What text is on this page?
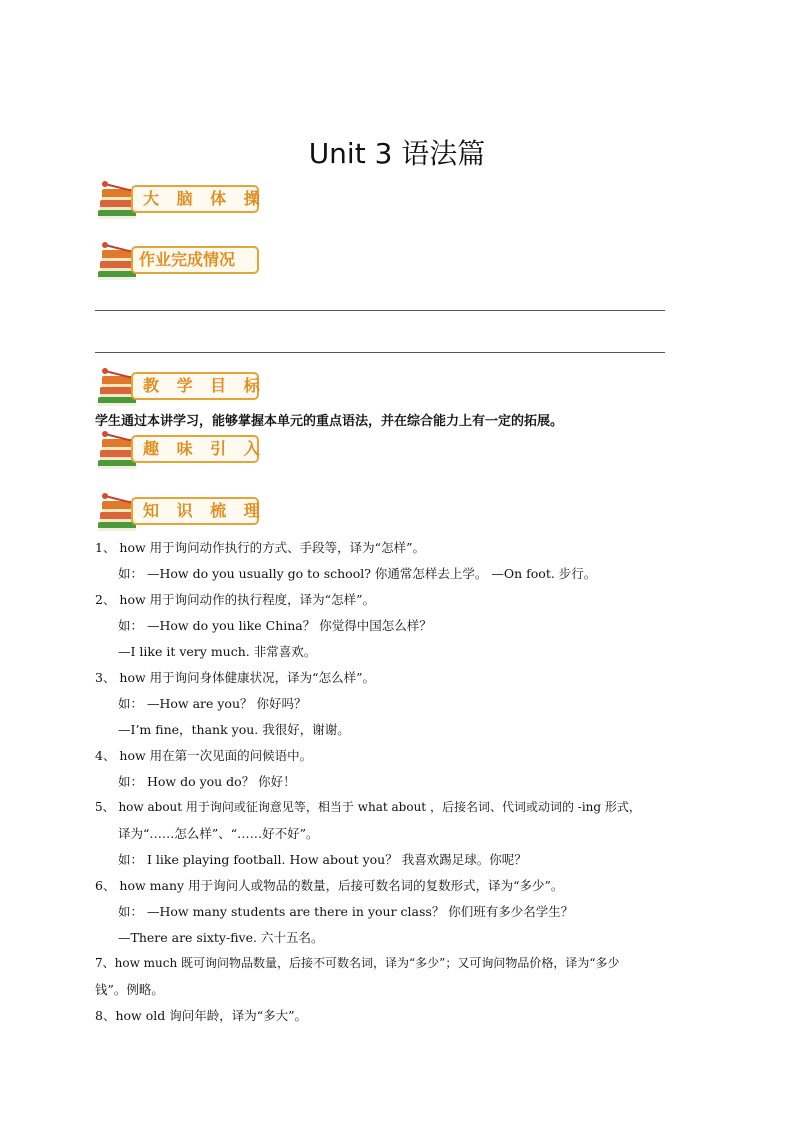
Unit 3 语法篇
大 脑 体 操
作业完成情况
教 学 目 标
学生通过本讲学习，能够掌握本单元的重点语法，并在综合能力上有一定的拓展。
趣 味 引 入
知 识 梳 理
1、 how 用于询问动作执行的方式、手段等，译为“怎样”。
如： —How do you usually go to school? 你通常怎样去上学。 —On foot. 步行。
2、 how 用于询问动作的执行程度，译为“怎样”。
如： —How do you like China？ 你觉得中国怎么样？
—I like it very much. 非常喜欢。
3、 how 用于询问身体健康状况，译为“怎么样”。
如： —How are you？ 你好吗？
—I’m fine，thank you. 我很好，谢谢。
4、 how 用在第一次见面的问候语中。
如： How do you do？ 你好！
5、 how about 用于询问或征询意见等，相当于 what about ，后接名词、代词或动词的 -ing 形式，
译为“……怎么样”、“……好不好”。
如： I like playing football. How about you？ 我喜欢踢足球。你呢？
6、 how many 用于询问人或物品的数量，后接可数名词的复数形式，译为“多少”。
如： —How many students are there in your class？ 你们班有多少名学生？
—There are sixty-five. 六十五名。
7、how much 既可询问物品数量，后接不可数名词，译为“多少”；又可询问物品价格，译为“多少
钱”。例略。
8、how old 询问年龄，译为“多大”。
